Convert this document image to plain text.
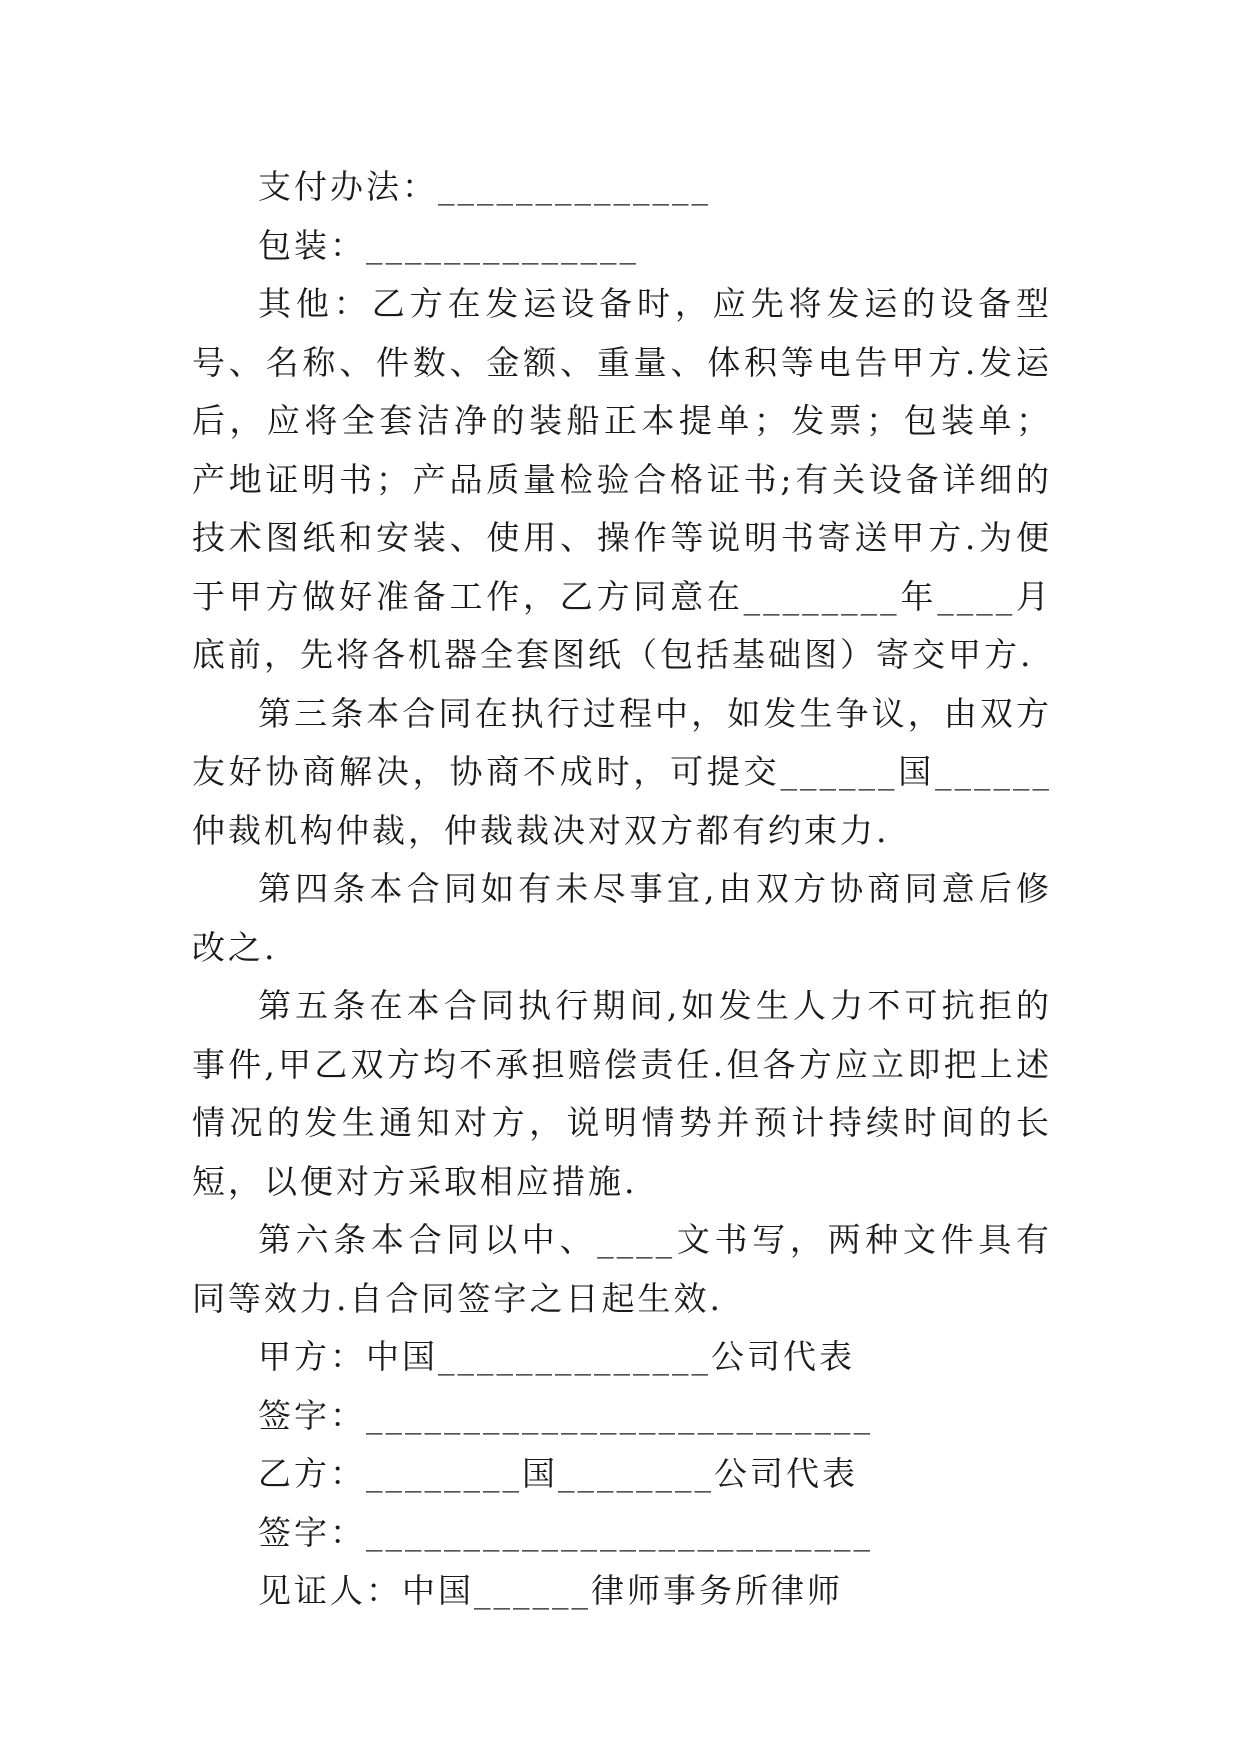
支付办法：______________
包装：______________

其他：乙方在发运设备时，应先将发运的设备型号、名称、件数、金额、重量、体积等电告甲方.发运后，应将全套洁净的装船正本提单；发票；包装单；产地证明书；产品质量检验合格证书;有关设备详细的技术图纸和安装、使用、操作等说明书寄送甲方.为便于甲方做好准备工作，乙方同意在________年____月底前，先将各机器全套图纸（包括基础图）寄交甲方.

第三条本合同在执行过程中，如发生争议，由双方友好协商解决，协商不成时，可提交______国______仲裁机构仲裁，仲裁裁决对双方都有约束力.

第四条本合同如有未尽事宜,由双方协商同意后修改之.

第五条在本合同执行期间,如发生人力不可抗拒的事件,甲乙双方均不承担赔偿责任.但各方应立即把上述情况的发生通知对方，说明情势并预计持续时间的长短，以便对方采取相应措施.

第六条本合同以中、____文书写，两种文件具有同等效力.自合同签字之日起生效.

甲方：中国______________公司代表
签字：__________________________
乙方：________国________公司代表
签字：__________________________
见证人：中国______律师事务所律师
